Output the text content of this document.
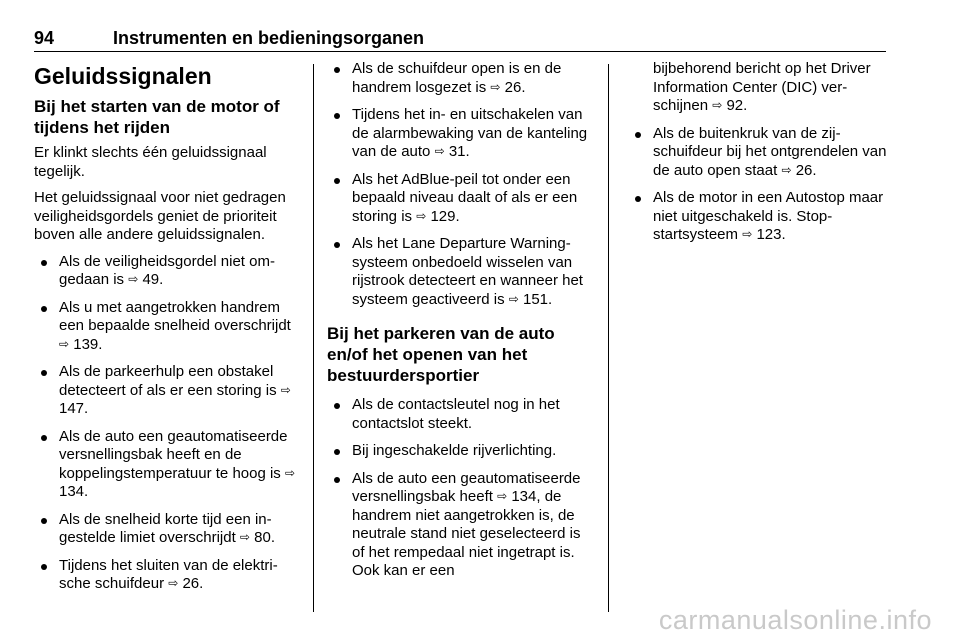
94	Instrumenten en bedieningsorganen
Geluidssignalen
Bij het starten van de motor of tijdens het rijden

Er klinkt slechts één geluidssignaal tegelijk.

Het geluidssignaal voor niet gedragen veiligheidsgordels geniet de prioriteit boven alle andere geluidssignalen.

Als de veiligheidsgordel niet omgedaan is ⇨ 49.
Als u met aangetrokken handrem een bepaalde snelheid overschrijdt ⇨ 139.
Als de parkeerhulp een obstakel detecteert of als er een storing is ⇨ 147.
Als de auto een geautomatiseerde versnellingsbak heeft en de koppelingstemperatuur te hoog is ⇨ 134.
Als de snelheid korte tijd een ingestelde limiet overschrijdt ⇨ 80.
Tijdens het sluiten van de elektrische schuifdeur ⇨ 26.
Als de schuifdeur open is en de handrem losgezet is ⇨ 26.
Tijdens het in- en uitschakelen van de alarmbewaking van de kanteling van de auto ⇨ 31.
Als het AdBlue-peil tot onder een bepaald niveau daalt of als er een storing is ⇨ 129.
Als het Lane Departure Warning-systeem onbedoeld wisselen van rijstrook detecteert en wanneer het systeem geactiveerd is ⇨ 151.
Bij het parkeren van de auto en/of het openen van het bestuurdersportier
Als de contactsleutel nog in het contactslot steekt.
Bij ingeschakelde rijverlichting.
Als de auto een geautomatiseerde versnellingsbak heeft ⇨ 134, de handrem niet aangetrokken is, de neutrale stand niet geselecteerd is of het rempedaal niet ingetrapt is. Ook kan er een
bijbehorend bericht op het Driver Information Center (DIC) verschijnen ⇨ 92.
Als de buitenkruk van de zijschuifdeur bij het ontgrendelen van de auto open staat ⇨ 26.
Als de motor in een Autostop maar niet uitgeschakeld is. Stop-startsysteem ⇨ 123.
carmanualsonline.info
